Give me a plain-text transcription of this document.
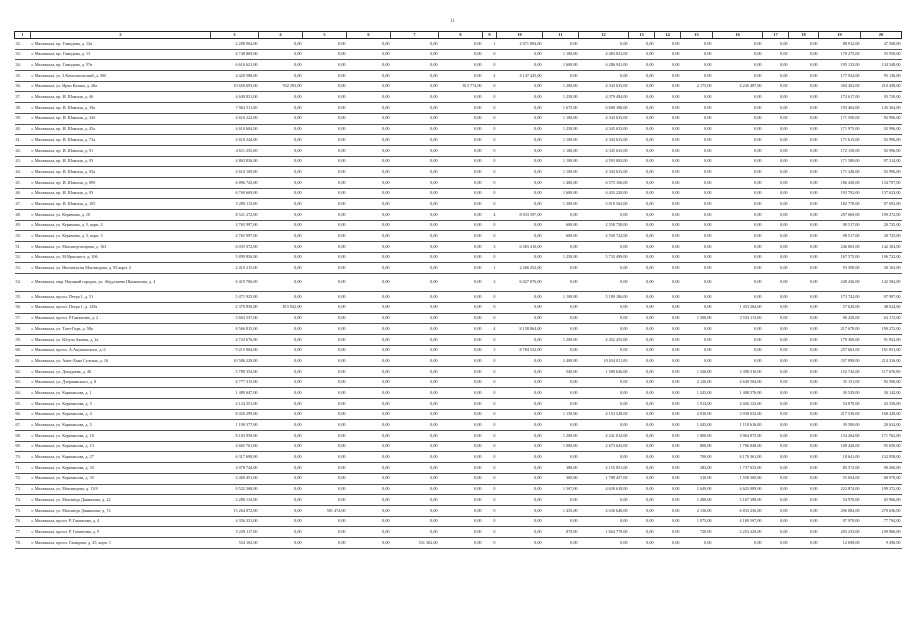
11
1	2	3	4	5	6	7	8	9	10	11	12	13	14	15	16	17	18	19	20
32.	г. Махачкала, пр. Гамидова, д. 12а	2 208 964,00	0,00	0,00	0,00	0,00	0,00	1	2 071 894,00	0,00	0,00	0,00	0,00	0,00	0,00	0,00	0,00	88 912,00	47 568,00
33.	г. Махачкала, пр. Гамидова, д. 13	4 748 869,00	0,00	0,00	0,00	0,00	0,00	0	0,00	1 100,00	4 483 823,00	0,00	0,00	0,00	0,00	0,00	0,00	170 275,00	55 950,00
34.	г. Махачкала, пр. Гамидова, д. 57в	6 616 621,00	0,00	0,00	0,00	0,00	0,00	0	0,00	1 600,00	6 286 941,00	0,00	0,00	0,00	0,00	0,00	0,00	195 132,00	134 548,00
35.	г. Махачкала, ул. 3 Комсомольский, д. 50б	4 420 580,00	0,00	0,00	0,00	0,00	0,00	2	4 147 425,00	0,00	0,00	0,00	0,00	0,00	0,00	0,00	0,00	177 924,00	95 136,00
36.	г. Махачкала, ул. Ирчи Казака, д. 28а	10 650 693,00	932 393,00	0,00	0,00	0,00	813 774,00	0	0,00	1 200,00	4 343 633,00	0,00	0,00	2 175,00	4 245 487,00	0,00	0,00	304 362,00	210 458,00
37.	г. Махачкала, пр. И. Шамиля, д. 4б	4 649 831,00	0,00	0,00	0,00	0,00	0,00	0	0,00	1 250,00	4 379 494,00	0,00	0,00	0,00	0,00	0,00	0,00	172 617,00	93 720,00
38.	г. Махачкала, пр. И. Шамиля, д. 19а	7 962 511,00	0,00	0,00	0,00	0,00	0,00	0	0,00	1 675,00	6 680 180,00	0,00	0,00	0,00	0,00	0,00	0,00	193 464,00	145 364,00
39.	г. Махачкала, пр. И. Шамиля, д. 32б	4 610 222,00	0,00	0,00	0,00	0,00	0,00	0	0,00	1 100,00	4 343 633,00	0,00	0,00	0,00	0,00	0,00	0,00	171 590,00	92 996,00
40.	г. Махачкала, пр. И. Шамиля, д. 45а	4 610 604,00	0,00	0,00	0,00	0,00	0,00	0	0,00	1 250,00	4 345 633,00	0,00	0,00	0,00	0,00	0,00	0,00	171 975,00	92 996,00
41.	г. Махачкала, пр. И. Шамиля, д. 73а	4 610 244,00	0,00	0,00	0,00	0,00	0,00	0	0,00	1 100,00	4 343 633,00	0,00	0,00	0,00	0,00	0,00	0,00	171 615,00	92 996,00
42.	г. Махачкала, пр. И. Шамиля, д. 91	4 611 255,00	0,00	0,00	0,00	0,00	0,00	0	0,00	1 100,00	4 345 633,00	0,00	0,00	0,00	0,00	0,00	0,00	172 150,00	92 996,00
43.	г. Махачкала, пр. И. Шамиля, д. 93	4 863 836,00	0,00	0,00	0,00	0,00	0,00	0	0,00	1 100,00	4 593 002,00	0,00	0,00	0,00	0,00	0,00	0,00	171 580,00	97 314,00
44.	г. Махачкала, пр. И. Шамиля, д. 93а	4 610 169,00	0,00	0,00	0,00	0,00	0,00	0	0,00	1 100,00	4 343 633,00	0,00	0,00	0,00	0,00	0,00	0,00	171 340,00	92 996,00
45.	г. Махачкала, пр. И. Шамиля, д. 89б	6 896 743,00	0,00	0,00	0,00	0,00	0,00	0	0,00	1 400,00	6 575 106,00	0,00	0,00	0,00	0,00	0,00	0,00	186 430,00	134 797,00
46.	г. Махачкала, пр. И. Шамиля, д. 93	6 769 669,00	0,00	0,00	0,00	0,00	0,00	0	0,00	1 600,00	6 435 220,00	0,00	0,00	0,00	0,00	0,00	0,00	193 792,00	137 623,00
47.	г. Махачкала, пр. И. Шамиля, д. 105	5 289 113,00	0,00	0,00	0,00	0,00	0,00	0	0,00	1 300,00	5 010 562,00	0,00	0,00	0,00	0,00	0,00	0,00	182 778,00	97 693,00
48.	г. Махачкала, ул. Керимова, д. 10	8 521 272,00	0,00	0,00	0,00	0,00	0,00	4	8 033 597,00	0,00	0,00	0,00	0,00	0,00	0,00	0,00	0,00	297 669,00	199 272,00
49.	г. Махачкала, ул. Керимова, д. 5, корп. 2	2 765 997,00	0,00	0,00	0,00	0,00	0,00	0	0,00	600,00	2 558 758,00	0,00	0,00	0,00	0,00	0,00	0,00	98 517,00	20 725,00
50.	г. Махачкала, ул. Керимова, д. 5, корп. 3	2 765 997,00	0,00	0,00	0,00	0,00	0,00	0	0,00	600,00	2 558 722,00	0,00	0,00	0,00	0,00	0,00	0,00	98 517,00	20 725,00
51.	г. Махачкала, ул. Магомедтагирова, д. 163	6 035 972,00	0,00	0,00	0,00	0,00	0,00	3	6 583 410,00	0,00	0,00	0,00	0,00	0,00	0,00	0,00	0,00	246 863,00	142 304,00
52.	г. Махачкала, ул. М.Ярагского, д. 106	5 899 856,00	0,00	0,00	0,00	0,00	0,00	0	0,00	1 250,00	5 732 499,00	0,00	0,00	0,00	0,00	0,00	0,00	167 575,00	106 722,00
53.	г. Махачкала, ул. Нигматуллы Магомедова, д. 83 корп. 2	2 410 215,00	0,00	0,00	0,00	0,00	0,00	1	2 266 252,00	0,00	0,00	0,00	0,00	0,00	0,00	0,00	0,00	93 500,00	50 163,00
54.	г. Махачкала, мкр. Научный городок, ул. Абдуллаева Шамильова, д. 4	6 419 706,00	0,00	0,00	0,00	0,00	0,00	3	6 027 876,00	0,00	0,00	0,00	0,00	0,00	0,00	0,00	0,00	249 436,00	142 394,00
55.	г. Махачкала, просп. Петра 1, д. 51	5 471 925,00	0,00	0,00	0,00	0,00	0,00	0	0,00	1 100,00	5 189 186,00	0,00	0,00	0,00	0,00	0,00	0,00	173 742,00	97 997,00
56.	г. Махачкала, просп. Петра 1, д. 129а	2 379 830,00	815 942,00	0,00	0,00	0,00	0,00	0	0,00	0,00	0,00	0,00	0,00	0,00	1 453 264,00	0,00	0,00	57 620,00	48 024,00
57.	г. Махачкала, просп. Р.Гамзатова, д. 2	3 663 537,00	0,00	0,00	0,00	0,00	0,00	0	0,00	0,00	0,00	0,00	0,00	1 500,00	3 533 113,00	0,00	0,00	96 250,00	63 172,00
58.	г. Махачкала, ул. Тахо-Годи, д. 58а	8 566 815,00	0,00	0,00	0,00	0,00	0,00	4	8 138 864,00	0,00	0,00	0,00	0,00	0,00	0,00	0,00	0,00	217 678,00	190 272,00
59.	г. Махачкала, ул. Юсупа Акаева, д. 2а	4 723 676,00	0,00	0,00	0,00	0,00	0,00	0	0,00	1 200,00	4 452 455,00	0,00	0,00	0,00	0,00	0,00	0,00	179 369,00	91 852,00
60.	г. Махачкала, просп. А.Акушинского, д. 6	9 215 964,00	0,00	0,00	0,00	0,00	0,00	3	8 784 532,00	0,00	0,00	0,00	0,00	0,00	0,00	0,00	0,00	257 603,00	181 831,00
61.	г. Махачкала, ул. Амет-Хана Султана, д. 16	10 586 229,00	0,00	0,00	0,00	0,00	0,00	0	0,00	2 400,00	10 034 011,00	0,00	0,00	0,00	0,00	0,00	0,00	337 898,00	214 316,00
62.	г. Махачкала, ул. Дахадаева, д. 40	5 789 354,00	0,00	0,00	0,00	0,00	0,00	0	0,00	540,00	1 589 626,00	0,00	0,00	1 326,00	3 398 310,00	0,00	0,00	152 742,00	117 676,00
63.	г. Махачкала, ул. Дзержинского, д. 8	4 777 315,00	0,00	0,00	0,00	0,00	0,00	0	0,00	0,00	0,00	0,00	0,00	2 126,00	4 649 564,00	0,00	0,00	35 151,00	92 590,00
64.	г. Махачкала, ул. Коркмасова, д. 1	1 489 647,00	0,00	0,00	0,00	0,00	0,00	0	0,00	0,00	0,00	0,00	0,00	1 243,00	1 408 576,00	0,00	0,00	50 529,00	30 142,00
65.	г. Махачкала, ул. Коркмасова, д. 3	2 124 351,00	0,00	0,00	0,00	0,00	0,00	0	0,00	0,00	0,00	0,00	0,00	1 914,00	2 026 123,00	0,00	0,00	54 870,00	43 358,00
66.	г. Махачкала, ул. Коркмасова, д. 4	8 450 299,00	0,00	0,00	0,00	0,00	0,00	0	0,00	1 130,00	4 153 528,00	0,00	0,00	2 030,00	3 938 632,00	0,00	0,00	217 530,00	168 428,00
67.	г. Махачкала, ул. Коркмасова, д. 5	1 190 377,00	0,00	0,00	0,00	0,00	0,00	0	0,00	0,00	0,00	0,00	0,00	1 443,00	1 118 616,00	0,00	0,00	39 500,00	20 632,00
68.	г. Махачкала, ул. Коркмасова, д. 10	8 103 950,00	0,00	0,00	0,00	0,00	0,00	0	0,00	1 200,00	4 241 014,00	0,00	0,00	1 800,00	3 964 875,00	0,00	0,00	154 264,00	171 762,00
69.	г. Махачкала, ул. Коркмасова, д. 13	4 665 761,00	0,00	0,00	0,00	0,00	0,00	0	0,00	1 000,00	2 673 643,00	0,00	0,00	800,00	1 796 048,00	0,00	0,00	100 420,00	95 650,00
70.	г. Махачкала, ул. Коркмасова, д. 27	6 317 690,00	0,00	0,00	0,00	0,00	0,00	0	0,00	0,00	0,00	0,00	0,00	700,00	6 170 361,00	0,00	0,00	18 641,00	132 058,00
71.	г. Махачкала, ул. Коркмасова, д. 33	4 078 744,00	0,00	0,00	0,00	0,00	0,00	0	0,00	380,00	2 155 851,00	0,00	0,00	383,00	1 737 633,00	0,00	0,00	85 572,00	90 260,00
72.	г. Махачкала, ул. Коркмасова, д. 35	3 469 451,00	0,00	0,00	0,00	0,00	0,00	0	0,00	360,00	1 788 457,00	0,00	0,00	310,00	1 558 360,00	0,00	0,00	55 654,00	68 970,00
73.	г. Махачкала, ул. Магомедова, д. 13/9	9 522 368,00	0,00	0,00	0,00	0,00	0,00	0	0,00	1 567,00	4 630 610,00	0,00	0,00	1 649,00	4 625 989,00	0,00	0,00	222 874,00	199 372,00
74.	г. Махачкала, ул. Магомеда Даниялова, д. 22	3 288 134,00	0,00	0,00	0,00	0,00	0,00	0	0,00	0,00	0,00	0,00	0,00	1 288,00	3 167 398,00	0,00	0,00	54 970,00	65 966,00
75.	г. Махачкала, ул. Магомеда Даниялова, д. 72	15 264 872,00	0,00	581 474,00	0,00	0,00	0,00	0	0,00	1 435,00	4 636 640,00	0,00	0,00	2 156,00	6 833 236,00	0,00	0,00	296 882,00	270 636,00
76.	г. Махачкала, просп. Р. Гамзатова, д. 4	4 356 331,00	0,00	0,00	0,00	0,00	0,00	0	0,00	0,00	0,00	0,00	0,00	1 075,00	4 180 567,00	0,00	0,00	97 970,00	77 794,00
77.	г. Махачкала, просп. Р. Гамзатова, д. 9	5 239 117,00	0,00	0,00	0,00	0,00	0,00	0	0,00	870,00	1 664 779,00	0,00	0,00	720,00	3 253 220,00	0,00	0,00	205 233,00	109 886,00
78.	г. Махачкала, просп. Гамидова, д. 45, корп. 1	554 102,00	0,00	0,00	0,00	531 302,00	0,00	0	0,00	0,00	0,00	0,00	0,00	0,00	0,00	0,00	0,00	12 698,00	9 498,00
